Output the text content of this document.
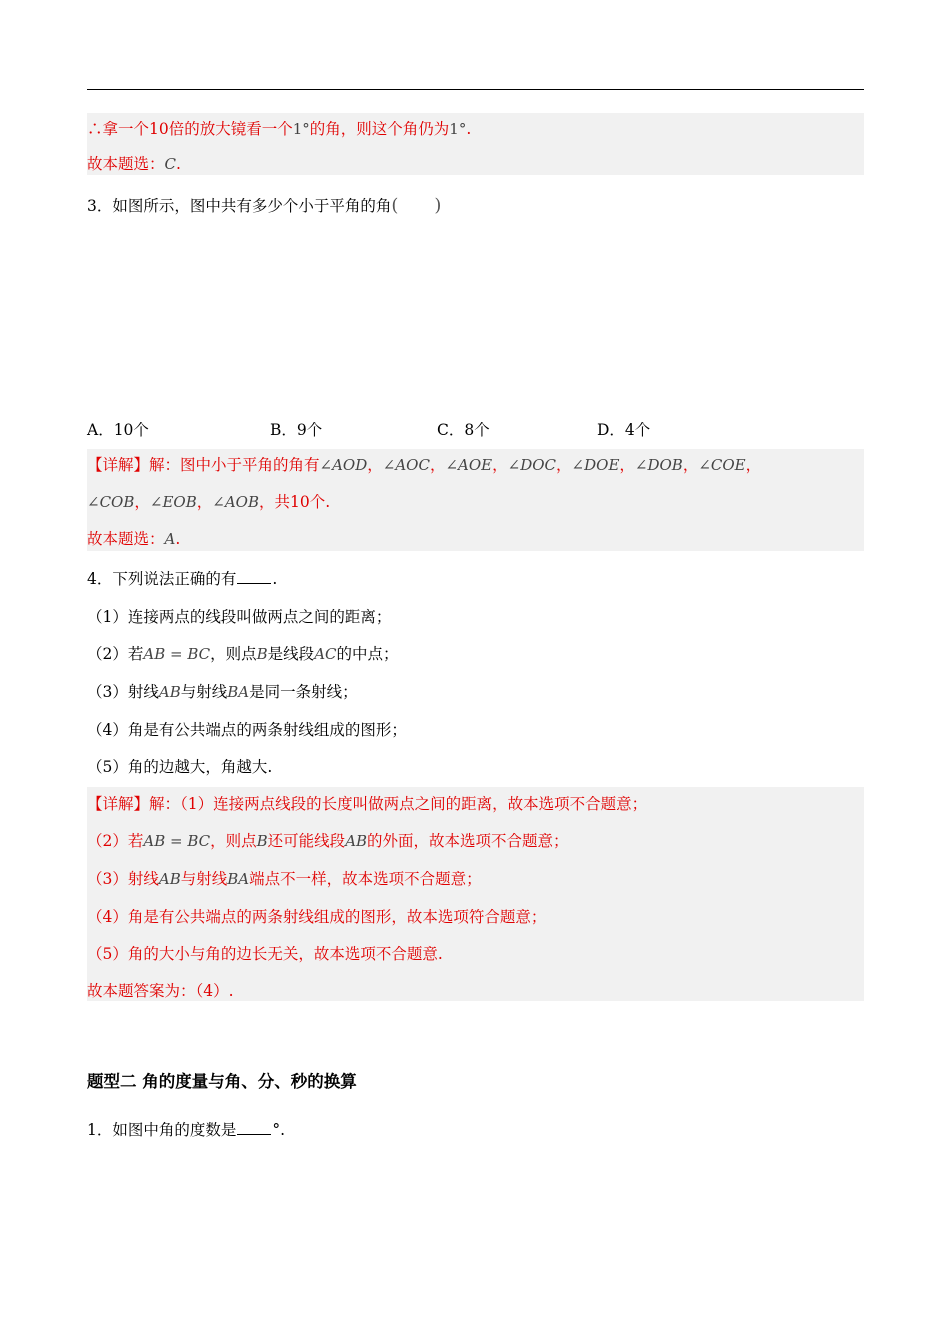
∴拿一个10倍的放大镜看一个1°的角，则这个角仍为1°.
故本题选：C.
3．如图所示，图中共有多少个小于平角的角(　　)
A．10个	B．9个	C．8个	D．4个
【详解】解：图中小于平角的角有∠AOD，∠AOC，∠AOE，∠DOC，∠DOE，∠DOB，∠COE，
∠COB，∠EOB，∠AOB，共10个.
故本题选：A.
4．下列说法正确的有 .
（1）连接两点的线段叫做两点之间的距离；
（2）若AB = BC，则点B是线段AC的中点；
（3）射线AB与射线BA是同一条射线；
（4）角是有公共端点的两条射线组成的图形；
（5）角的边越大，角越大.
【详解】解：（1）连接两点线段的长度叫做两点之间的距离，故本选项不合题意；
（2）若AB = BC，则点B还可能线段AB的外面，故本选项不合题意；
（3）射线AB与射线BA端点不一样，故本选项不合题意；
（4）角是有公共端点的两条射线组成的图形，故本选项符合题意；
（5）角的大小与角的边长无关，故本选项不合题意.
故本题答案为：（4）.
题型二 角的度量与角、分、秒的换算
1．如图中角的度数是 °.
